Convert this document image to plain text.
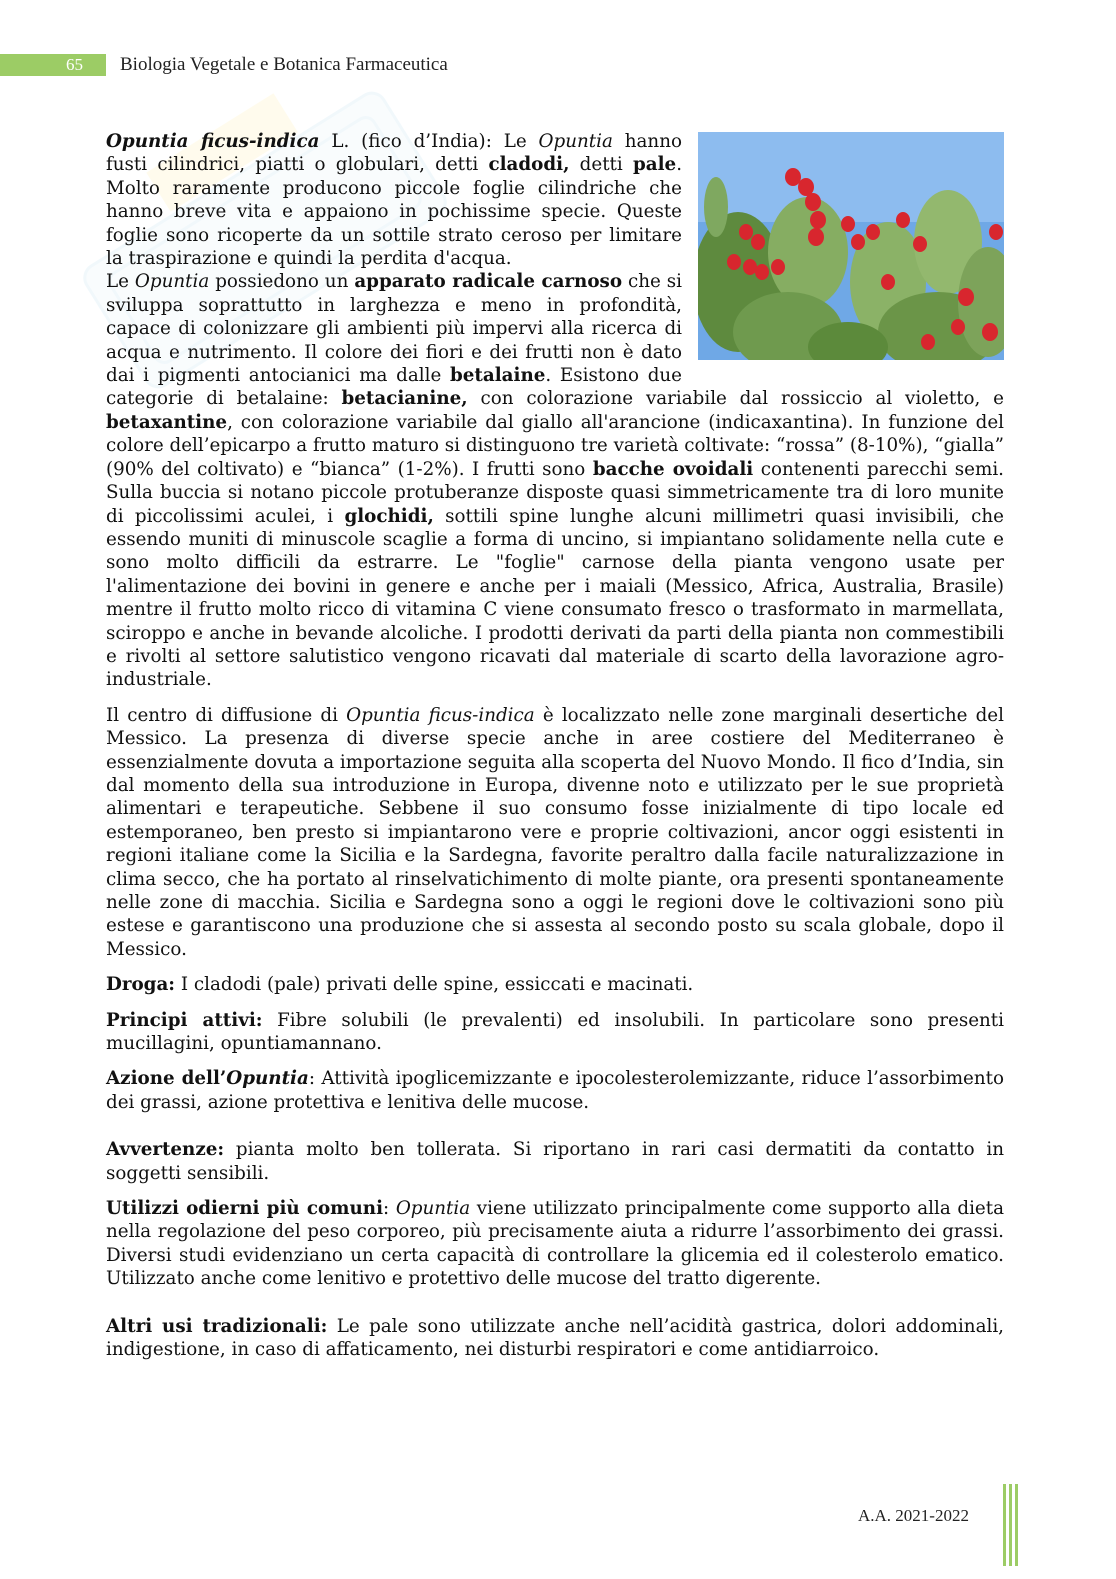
65 Biologia Vegetale e Botanica Farmaceutica

Opuntia ficus-indica L. (fico d’India): Le Opuntia hanno fusti cilindrici, piatti o globulari, detti cladodi, detti pale. Molto raramente producono piccole foglie cilindriche che hanno breve vita e appaiono in pochissime specie. Queste foglie sono ricoperte da un sottile strato ceroso per limitare la traspirazione e quindi la perdita d'acqua.
Le Opuntia possiedono un apparato radicale carnoso che si sviluppa soprattutto in larghezza e meno in profondità, capace di colonizzare gli ambienti più impervi alla ricerca di acqua e nutrimento. Il colore dei fiori e dei frutti non è dato dai i pigmenti antocianici ma dalle betalaine. Esistono due categorie di betalaine: betacianine, con colorazione variabile dal rossiccio al violetto, e betaxantine, con colorazione variabile dal giallo all'arancione (indicaxantina). In funzione del colore dell’epicarpo a frutto maturo si distinguono tre varietà coltivate: “rossa” (8-10%), “gialla” (90% del coltivato) e “bianca” (1-2%). I frutti sono bacche ovoidali contenenti parecchi semi. Sulla buccia si notano piccole protuberanze disposte quasi simmetricamente tra di loro munite di piccolissimi aculei, i glochidi, sottili spine lunghe alcuni millimetri quasi invisibili, che essendo muniti di minuscole scaglie a forma di uncino, si impiantano solidamente nella cute e sono molto difficili da estrarre. Le "foglie" carnose della pianta vengono usate per l'alimentazione dei bovini in genere e anche per i maiali (Messico, Africa, Australia, Brasile) mentre il frutto molto ricco di vitamina C viene consumato fresco o trasformato in marmellata, sciroppo e anche in bevande alcoliche. I prodotti derivati da parti della pianta non commestibili e rivolti al settore salutistico vengono ricavati dal materiale di scarto della lavorazione agro-industriale.

Il centro di diffusione di Opuntia ficus-indica è localizzato nelle zone marginali desertiche del Messico. La presenza di diverse specie anche in aree costiere del Mediterraneo è essenzialmente dovuta a importazione seguita alla scoperta del Nuovo Mondo. Il fico d’India, sin dal momento della sua introduzione in Europa, divenne noto e utilizzato per le sue proprietà alimentari e terapeutiche. Sebbene il suo consumo fosse inizialmente di tipo locale ed estemporaneo, ben presto si impiantarono vere e proprie coltivazioni, ancor oggi esistenti in regioni italiane come la Sicilia e la Sardegna, favorite peraltro dalla facile naturalizzazione in clima secco, che ha portato al rinselvatichimento di molte piante, ora presenti spontaneamente nelle zone di macchia. Sicilia e Sardegna sono a oggi le regioni dove le coltivazioni sono più estese e garantiscono una produzione che si assesta al secondo posto su scala globale, dopo il Messico.

Droga: I cladodi (pale) privati delle spine, essiccati e macinati.

Principi attivi: Fibre solubili (le prevalenti) ed insolubili. In particolare sono presenti mucillagini, opuntiamannano.

Azione dell’Opuntia: Attività ipoglicemizzante e ipocolesterolemizzante, riduce l’assorbimento dei grassi, azione protettiva e lenitiva delle mucose.

Avvertenze: pianta molto ben tollerata. Si riportano in rari casi dermatiti da contatto in soggetti sensibili.

Utilizzi odierni più comuni: Opuntia viene utilizzato principalmente come supporto alla dieta nella regolazione del peso corporeo, più precisamente aiuta a ridurre l’assorbimento dei grassi. Diversi studi evidenziano un certa capacità di controllare la glicemia ed il colesterolo ematico. Utilizzato anche come lenitivo e protettivo delle mucose del tratto digerente.

Altri usi tradizionali: Le pale sono utilizzate anche nell’acidità gastrica, dolori addominali, indigestione, in caso di affaticamento, nei disturbi respiratori e come antidiarroico.

A.A. 2021-2022
